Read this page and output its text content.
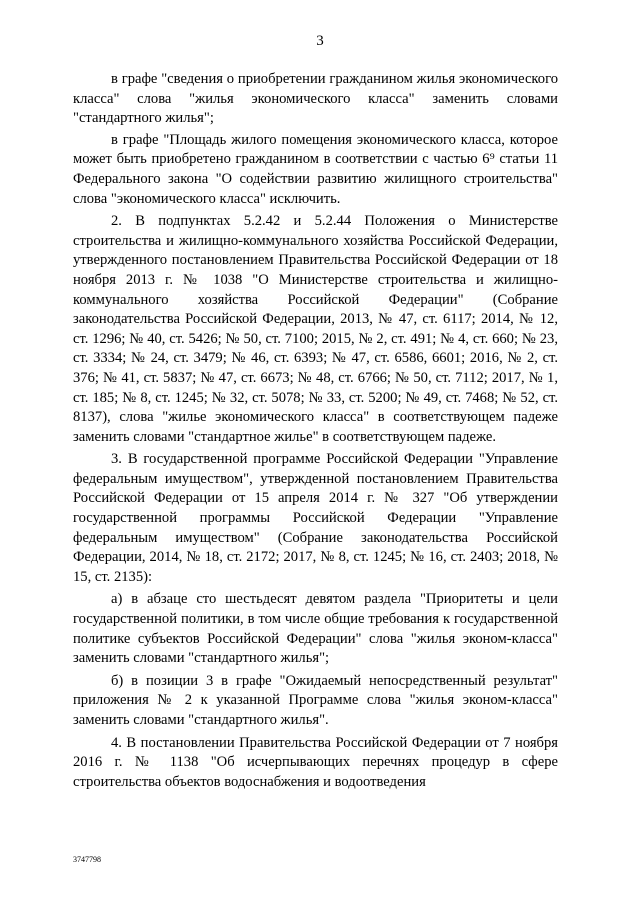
3

в графе "сведения о приобретении гражданином жилья экономического класса" слова "жилья экономического класса" заменить словами "стандартного жилья";

в графе "Площадь жилого помещения экономического класса, которое может быть приобретено гражданином в соответствии с частью 6⁹ статьи 11 Федерального закона "О содействии развитию жилищного строительства" слова "экономического класса" исключить.

2. В подпунктах 5.2.42 и 5.2.44 Положения о Министерстве строительства и жилищно-коммунального хозяйства Российской Федерации, утвержденного постановлением Правительства Российской Федерации от 18 ноября 2013 г. № 1038 "О Министерстве строительства и жилищно-коммунального хозяйства Российской Федерации" (Собрание законодательства Российской Федерации, 2013, № 47, ст. 6117; 2014, № 12, ст. 1296; № 40, ст. 5426; № 50, ст. 7100; 2015, № 2, ст. 491; № 4, ст. 660; № 23, ст. 3334; № 24, ст. 3479; № 46, ст. 6393; № 47, ст. 6586, 6601; 2016, № 2, ст. 376; № 41, ст. 5837; № 47, ст. 6673; № 48, ст. 6766; № 50, ст. 7112; 2017, № 1, ст. 185; № 8, ст. 1245; № 32, ст. 5078; № 33, ст. 5200; № 49, ст. 7468; № 52, ст. 8137), слова "жилье экономического класса" в соответствующем падеже заменить словами "стандартное жилье" в соответствующем падеже.

3. В государственной программе Российской Федерации "Управление федеральным имуществом", утвержденной постановлением Правительства Российской Федерации от 15 апреля 2014 г. № 327 "Об утверждении государственной программы Российской Федерации "Управление федеральным имуществом" (Собрание законодательства Российской Федерации, 2014, № 18, ст. 2172; 2017, № 8, ст. 1245; № 16, ст. 2403; 2018, № 15, ст. 2135):

а) в абзаце сто шестьдесят девятом раздела "Приоритеты и цели государственной политики, в том числе общие требования к государственной политике субъектов Российской Федерации" слова "жилья эконом-класса" заменить словами "стандартного жилья";

б) в позиции 3 в графе "Ожидаемый непосредственный результат" приложения № 2 к указанной Программе слова "жилья эконом-класса" заменить словами "стандартного жилья".

4. В постановлении Правительства Российской Федерации от 7 ноября 2016 г. № 1138 "Об исчерпывающих перечнях процедур в сфере строительства объектов водоснабжения и водоотведения

3747798
